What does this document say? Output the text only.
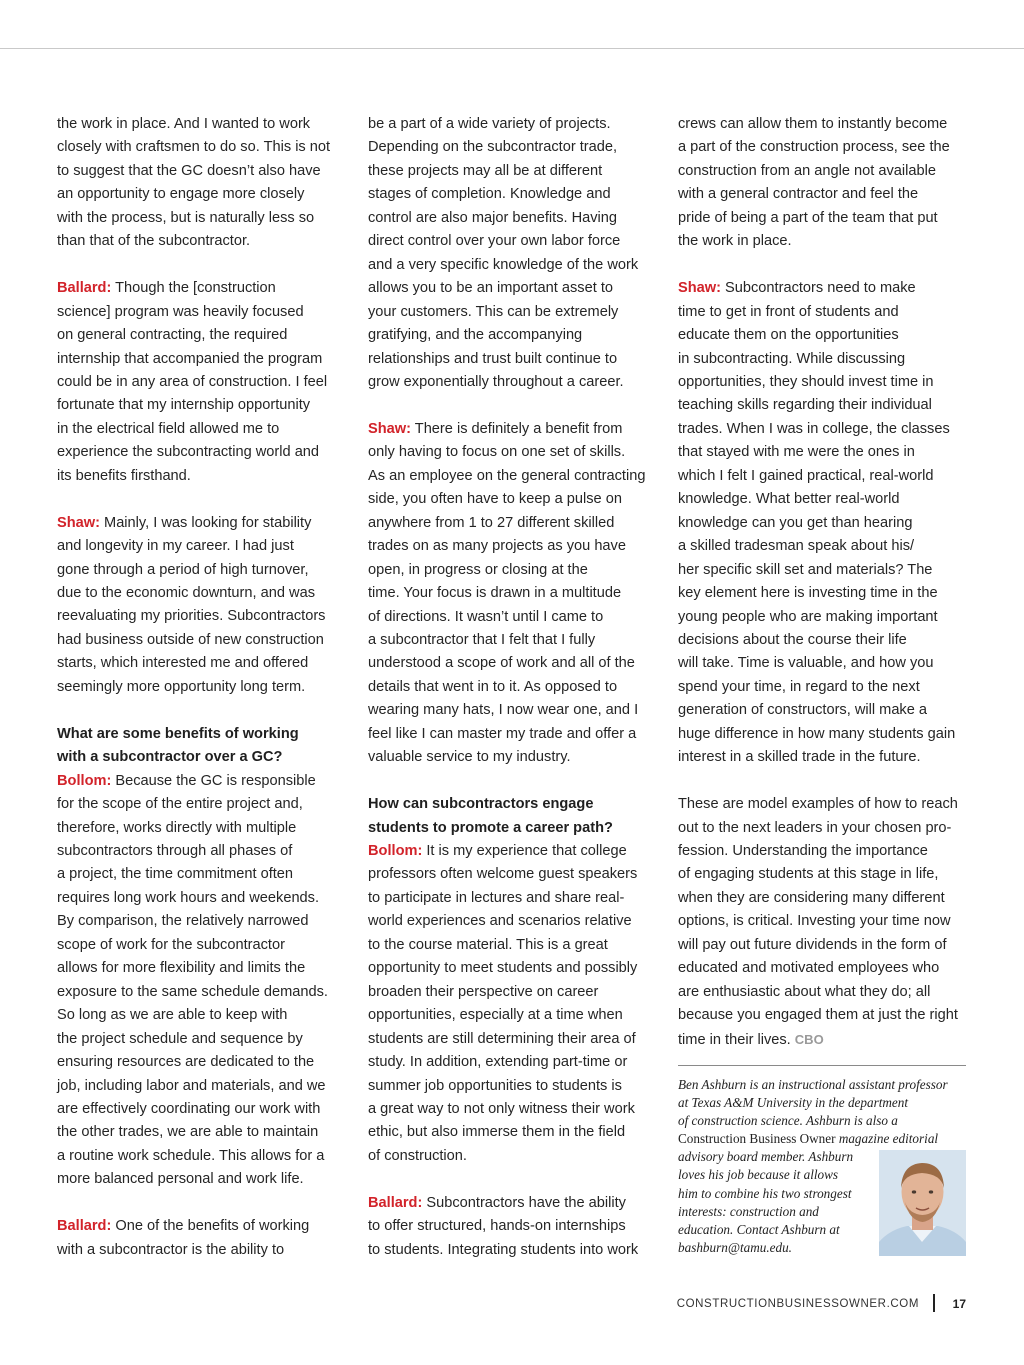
the work in place. And I wanted to work

closely with craftsmen to do so. This is not

to suggest that the GC doesn’t also have

an opportunity to engage more closely

with the process, but is naturally less so

than that of the subcontractor.

Ballard: Though the [construction

science] program was heavily focused

on general contracting, the required

internship that accompanied the program

could be in any area of construction. I feel

fortunate that my internship opportunity

in the electrical field allowed me to

experience the subcontracting world and

its benefits firsthand.

Shaw: Mainly, I was looking for stability

and longevity in my career. I had just

gone through a period of high turnover,

due to the economic downturn, and was

reevaluating my priorities. Subcontractors

had business outside of new construction

starts, which interested me and offered

seemingly more opportunity long term.

What are some benefits of working

with a subcontractor over a GC?

Bollom: Because the GC is responsible

for the scope of the entire project and,

therefore, works directly with multiple

subcontractors through all phases of

a project, the time commitment often

requires long work hours and weekends.

By comparison, the relatively narrowed

scope of work for the subcontractor

allows for more flexibility and limits the

exposure to the same schedule demands.

So long as we are able to keep with

the project schedule and sequence by

ensuring resources are dedicated to the

job, including labor and materials, and we

are effectively coordinating our work with

the other trades, we are able to maintain

a routine work schedule. This allows for a

more balanced personal and work life.

Ballard: One of the benefits of working

with a subcontractor is the ability to

be a part of a wide variety of projects.

Depending on the subcontractor trade,

these projects may all be at different

stages of completion. Knowledge and

control are also major benefits. Having

direct control over your own labor force

and a very specific knowledge of the work

allows you to be an important asset to

your customers. This can be extremely

gratifying, and the accompanying

relationships and trust built continue to

grow exponentially throughout a career.

Shaw: There is definitely a benefit from

only having to focus on one set of skills.

As an employee on the general contracting

side, you often have to keep a pulse on

anywhere from 1 to 27 different skilled

trades on as many projects as you have

open, in progress or closing at the

time. Your focus is drawn in a multitude

of directions. It wasn’t until I came to

a subcontractor that I felt that I fully

understood a scope of work and all of the

details that went in to it. As opposed to

wearing many hats, I now wear one, and I

feel like I can master my trade and offer a

valuable service to my industry.

How can subcontractors engage

students to promote a career path?

Bollom: It is my experience that college

professors often welcome guest speakers

to participate in lectures and share real-

world experiences and scenarios relative

to the course material. This is a great

opportunity to meet students and possibly

broaden their perspective on career

opportunities, especially at a time when

students are still determining their area of

study. In addition, extending part-time or

summer job opportunities to students is

a great way to not only witness their work

ethic, but also immerse them in the field

of construction.

Ballard: Subcontractors have the ability

to offer structured, hands-on internships

to students. Integrating students into work

crews can allow them to instantly become

a part of the construction process, see the

construction from an angle not available

with a general contractor and feel the

pride of being a part of the team that put

the work in place.

Shaw: Subcontractors need to make

time to get in front of students and

educate them on the opportunities

in subcontracting. While discussing

opportunities, they should invest time in

teaching skills regarding their individual

trades. When I was in college, the classes

that stayed with me were the ones in

which I felt I gained practical, real-world

knowledge. What better real-world

knowledge can you get than hearing

a skilled tradesman speak about his/

her specific skill set and materials? The

key element here is investing time in the

young people who are making important

decisions about the course their life

will take. Time is valuable, and how you

spend your time, in regard to the next

generation of constructors, will make a

huge difference in how many students gain

interest in a skilled trade in the future.

These are model examples of how to reach

out to the next leaders in your chosen pro-

fession. Understanding the importance

of engaging students at this stage in life,

when they are considering many different

options, is critical. Investing your time now

will pay out future dividends in the form of

educated and motivated employees who

are enthusiastic about what they do; all

because you engaged them at just the right

time in their lives. CBO

Ben Ashburn is an instructional assistant professor
at Texas A&M University in the department
of construction science. Ashburn is also a
Construction Business Owner magazine editorial
advisory board member. Ashburn
loves his job because it allows
him to combine his two strongest
interests: construction and
education. Contact Ashburn at
bashburn@tamu.edu.
CONSTRUCTIONBUSINESSOWNER.COM	17
